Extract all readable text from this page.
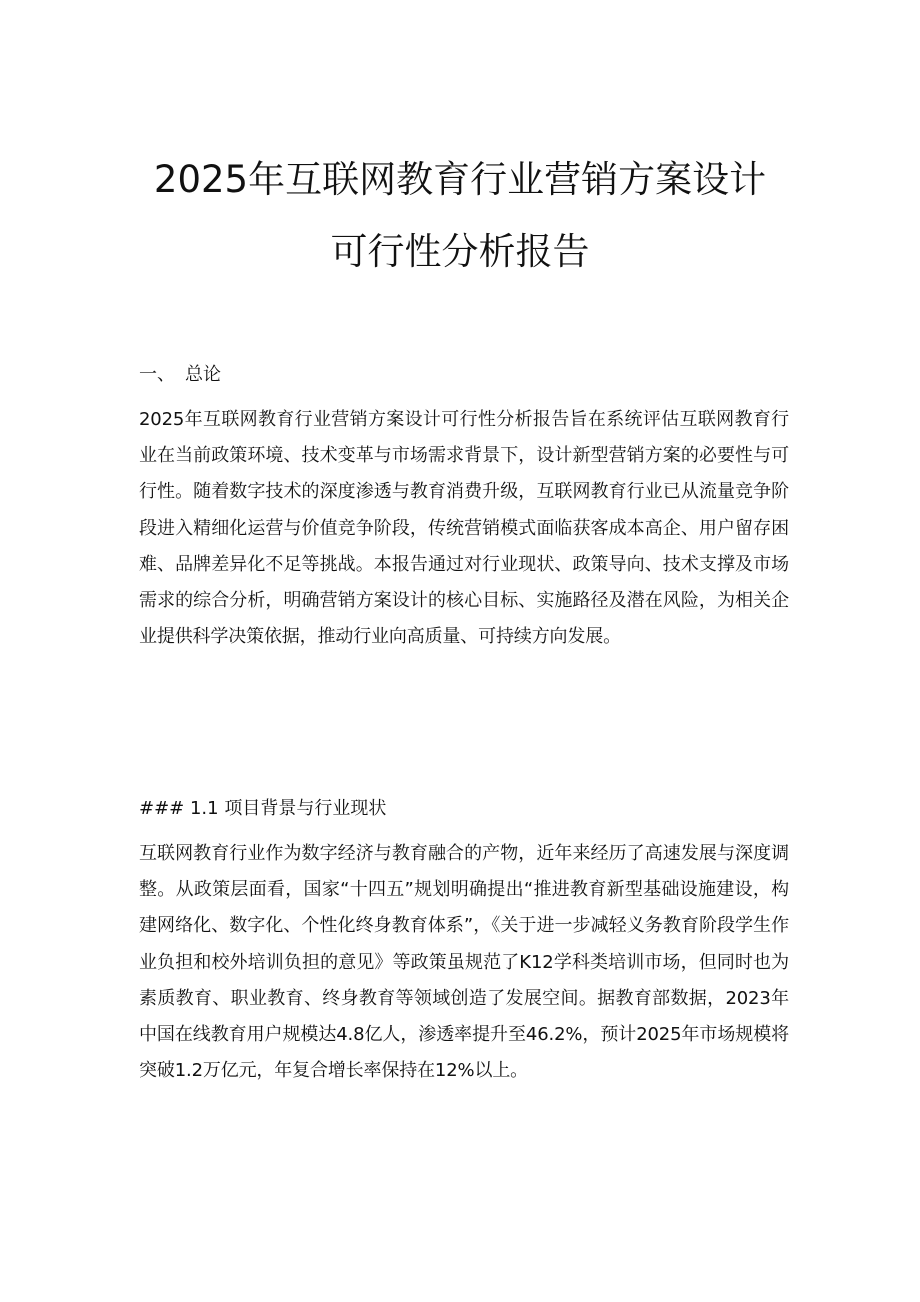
2025年互联网教育行业营销方案设计
可行性分析报告
一、 总论

2025年互联网教育行业营销方案设计可行性分析报告旨在系统评估互联网教育行业在当前政策环境、技术变革与市场需求背景下，设计新型营销方案的必要性与可行性。随着数字技术的深度渗透与教育消费升级，互联网教育行业已从流量竞争阶段进入精细化运营与价值竞争阶段，传统营销模式面临获客成本高企、用户留存困难、品牌差异化不足等挑战。本报告通过对行业现状、政策导向、技术支撑及市场需求的综合分析，明确营销方案设计的核心目标、实施路径及潜在风险，为相关企业提供科学决策依据，推动行业向高质量、可持续方向发展。

### 1.1 项目背景与行业现状

互联网教育行业作为数字经济与教育融合的产物，近年来经历了高速发展与深度调整。从政策层面看，国家“十四五”规划明确提出“推进教育新型基础设施建设，构建网络化、数字化、个性化终身教育体系”，《关于进一步减轻义务教育阶段学生作业负担和校外培训负担的意见》等政策虽规范了K12学科类培训市场，但同时也为素质教育、职业教育、终身教育等领域创造了发展空间。据教育部数据，2023年中国在线教育用户规模达4.8亿人，渗透率提升至46.2%，预计2025年市场规模将突破1.2万亿元，年复合增长率保持在12%以上。
